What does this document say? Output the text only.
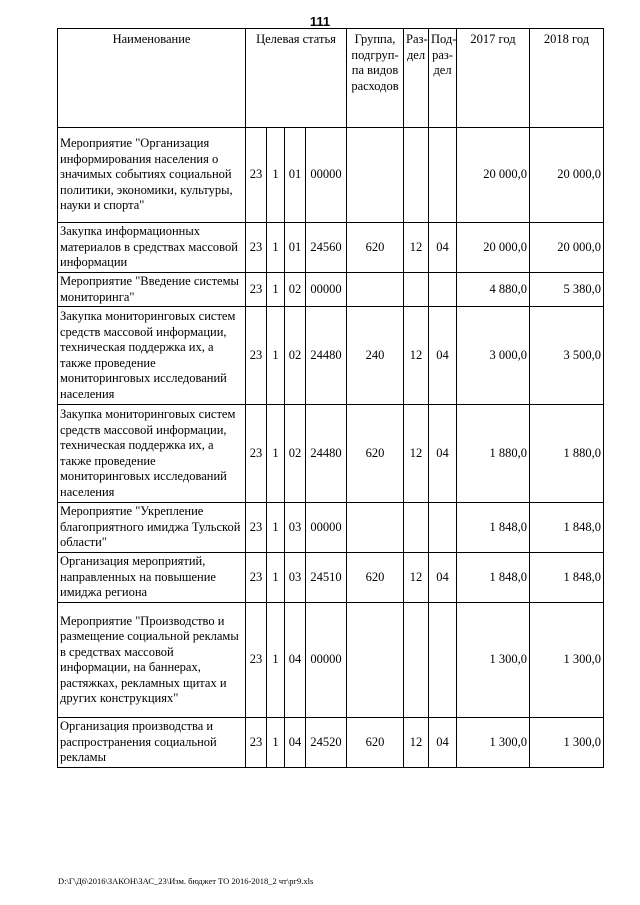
111
Наименование	Целевая статья				Группа, подгруп-па видов расходов	Раз-дел	Под-раз-дел	2017 год	2018 год
Мероприятие "Организация информирования населения о значимых событиях социальной политики, экономики, культуры, науки и спорта"	23	1	01	00000				20 000,0	20 000,0
Закупка информационных материалов в средствах массовой информации	23	1	01	24560	620	12	04	20 000,0	20 000,0
Мероприятие "Введение системы мониторинга"	23	1	02	00000				4 880,0	5 380,0
Закупка мониторинговых систем средств массовой информации, техническая поддержка их, а также проведение мониторинговых исследований населения	23	1	02	24480	240	12	04	3 000,0	3 500,0
Закупка мониторинговых систем средств массовой информации, техническая поддержка их, а также проведение мониторинговых исследований населения	23	1	02	24480	620	12	04	1 880,0	1 880,0
Мероприятие "Укрепление благоприятного имиджа Тульской области"	23	1	03	00000				1 848,0	1 848,0
Организация мероприятий, направленных на повышение имиджа региона	23	1	03	24510	620	12	04	1 848,0	1 848,0
Мероприятие "Производство и размещение социальной рекламы в средствах массовой информации, на баннерах, растяжках, рекламных щитах и других конструкциях"	23	1	04	00000				1 300,0	1 300,0
Организация производства и распространения социальной рекламы	23	1	04	24520	620	12	04	1 300,0	1 300,0
D:\Г\Д6\2016\ЗАКОН\ЗАС_23\Изм. бюджет ТО 2016-2018_2 чт\рг9.xls
